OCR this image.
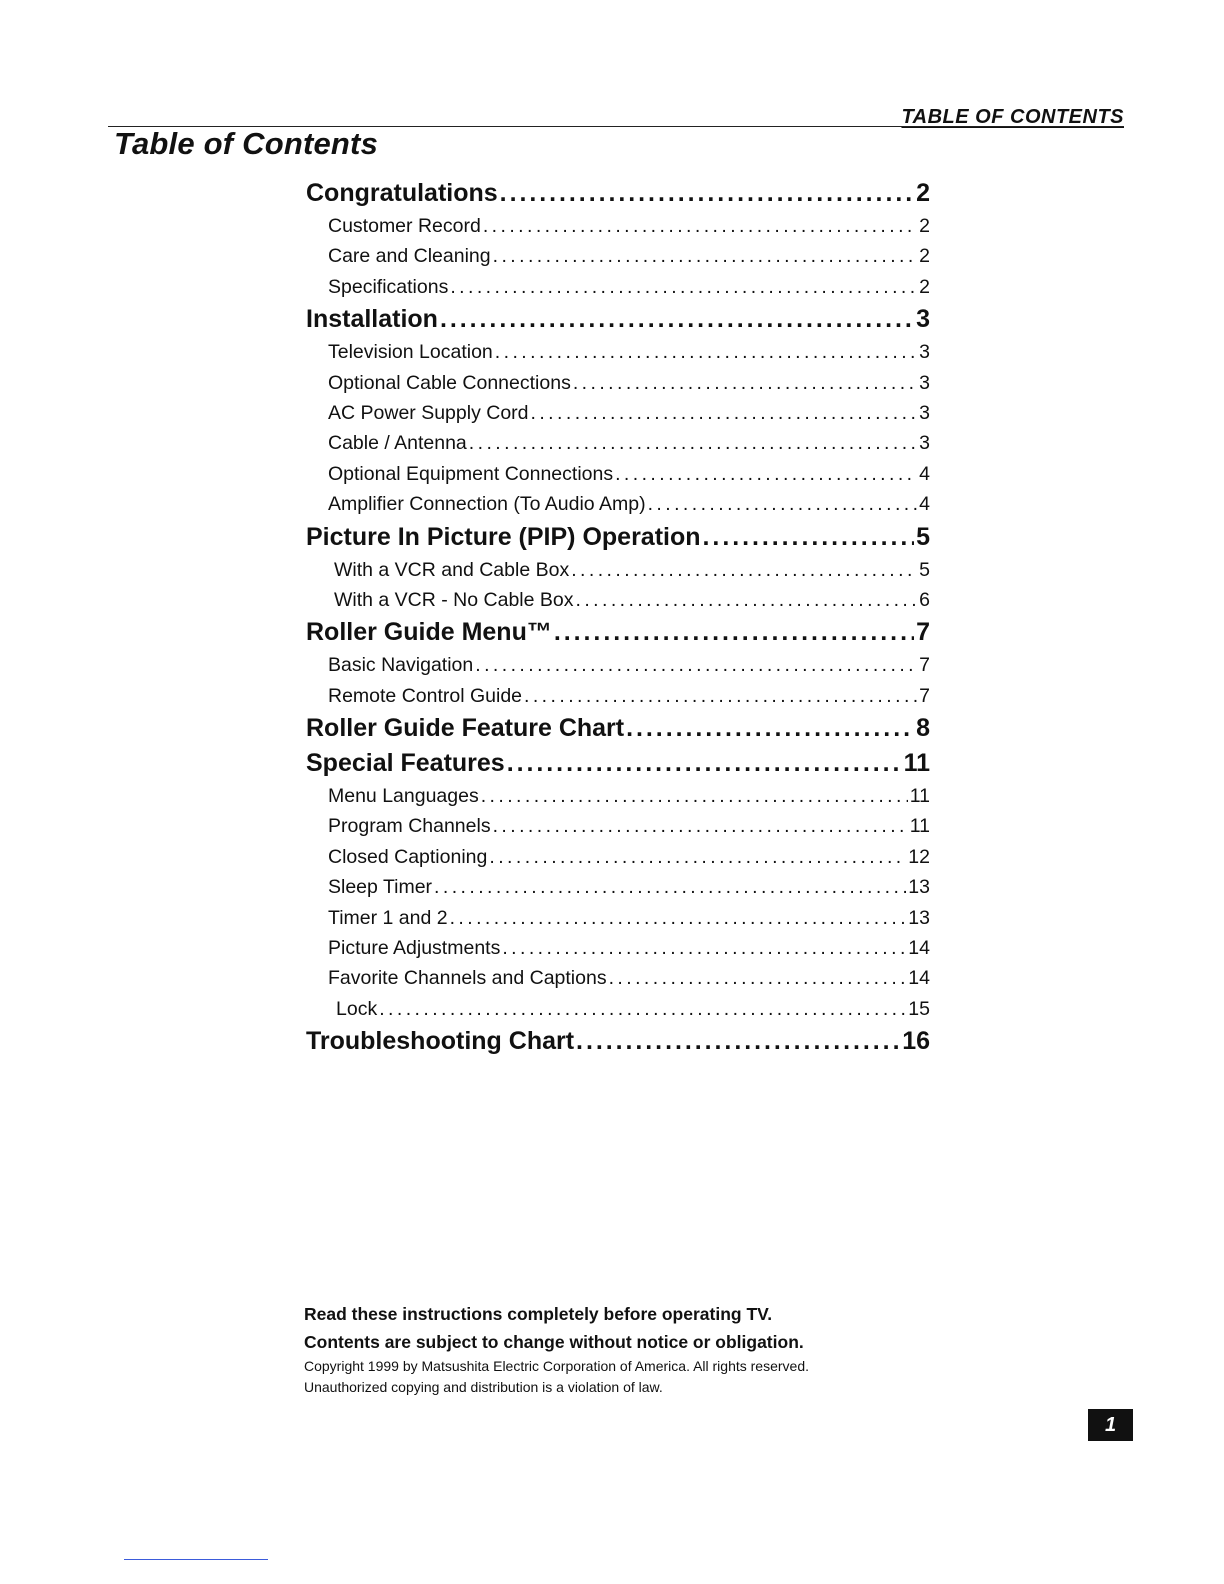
TABLE OF CONTENTS
Table of Contents
Congratulations . . .	2
Customer Record . . .	2
Care and Cleaning . . .	2
Specifications . . .	2
Installation . . .	3
Television Location . . .	3
Optional Cable Connections . . .	3
AC Power Supply Cord . . .	3
Cable / Antenna . . .	3
Optional Equipment Connections . . .	4
Amplifier Connection (To Audio Amp) . . .	4
Picture In Picture (PIP) Operation . . .	5
With a VCR and Cable Box . . .	5
With a VCR - No Cable Box . . .	6
Roller Guide Menu™ . . .	7
Basic Navigation . . .	7
Remote Control Guide . . .	7
Roller Guide Feature Chart . . .	8
Special Features . . .	11
Menu Languages . . .	11
Program Channels . . .	11
Closed Captioning . . .	12
Sleep Timer . . .	13
Timer 1 and 2 . . .	13
Picture Adjustments . . .	14
Favorite Channels and Captions . . .	14
Lock . . .	15
Troubleshooting Chart . . .	16
Read these instructions completely before operating TV.
Contents are subject to change without notice or obligation.
Copyright 1999 by Matsushita Electric Corporation of America. All rights reserved.
Unauthorized copying and distribution is a violation of law.
1
